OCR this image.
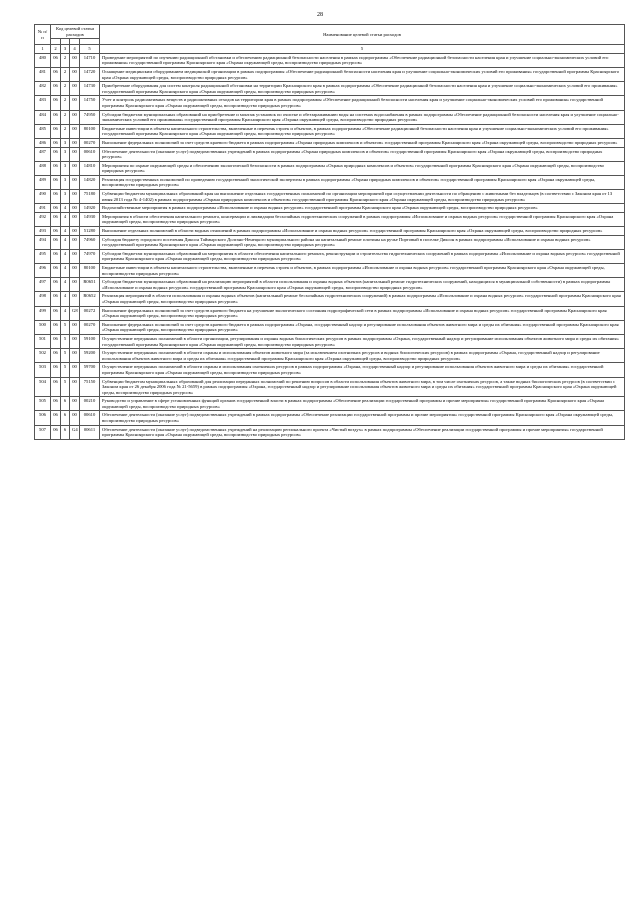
28
№ п/п	Код целевой статьи расходов				Наименование целевой статьи расходов

1	2	3	4	5	5
480	06	2	00	14710	Проведение мероприятий по изучению радиационной обстановки и обеспечению радиационной безопасности населения в рамках подпрограммы «Обеспечение радиационной безопасности населения края и улучшение социально-экономических условий его проживания» государственной программы Красноярского края «Охрана окружающей среды, воспроизводство природных ресурсов»
481	06	2	00	14720	Оснащение медицинским оборудованием медицинской организации в рамках подпрограммы «Обеспечение радиационной безопасности населения края и улучшение социально-экономических условий его проживания» государственной программы Красноярского края «Охрана окружающей среды, воспроизводство природных ресурсов»
482	06	2	00	14730	Приобретение оборудования для систем контроля радиационной обстановки на территории Красноярского края в рамках подпрограммы «Обеспечение радиационной безопасности населения края и улучшение социально-экономических условий его проживания» государственной программы Красноярского края «Охрана окружающей среды, воспроизводство природных ресурсов»
483	06	2	00	14750	Учет и контроль радиоактивных веществ и радиоактивных отходов на территории края в рамках подпрограммы «Обеспечение радиационной безопасности населения края и улучшение социально-экономических условий его проживания» государственной программы Красноярского края «Охрана окружающей среды, воспроизводство природных ресурсов»
484	06	2	00	74950	Субсидии бюджетам муниципальных образований на приобретение и монтаж установок по очистке и обеззараживанию воды на системах водоснабжения в рамках подпрограммы «Обеспечение радиационной безопасности населения края и улучшение социально-экономических условий его проживания» государственной программы Красноярского края «Охрана окружающей среды, воспроизводство природных ресурсов»
485	06	2	00	80100	Бюджетные инвестиции в объекты капитального строительства, включенные в перечень строек и объектов, в рамках подпрограммы «Обеспечение радиационной безопасности населения края и улучшение социально-экономических условий его проживания» государственной программы Красноярского края «Охрана окружающей среды, воспроизводство природных ресурсов»
486	06	3	00	00270	Выполнение федеральных полномочий за счет средств краевого бюджета в рамках подпрограммы «Охрана природных комплексов и объектов» государственной программы Красноярского края «Охрана окружающей среды, воспроизводство природных ресурсов»
487	06	3	00	00610	Обеспечение деятельности (оказание услуг) подведомственных учреждений в рамках подпрограммы «Охрана природных комплексов и объектов» государственной программы Красноярского края «Охрана окружающей среды, воспроизводство природных ресурсов»
488	06	3	00	14810	Мероприятия по охране окружающей среды и обеспечению экологической безопасности в рамках подпрограммы «Охрана природных комплексов и объектов» государственной программы Красноярского края «Охрана окружающей среды, воспроизводство природных ресурсов»
489	06	3	00	14820	Реализация государственных полномочий по проведению государственной экологической экспертизы в рамках подпрограммы «Охрана природных комплексов и объектов» государственной программы Красноярского края «Охрана окружающей среды, воспроизводство природных ресурсов»
490	06	3	00	75180	Субвенции бюджетам муниципальных образований края на выполнение отдельных государственных полномочий по организации мероприятий при осуществлении деятельности по обращению с животными без владельцев (в соответствии с Законом края от 13 июня 2013 года № 4-1402) в рамках подпрограммы «Охрана природных комплексов и объектов» государственной программы Красноярского края «Охрана окружающей среды, воспроизводство природных ресурсов»
491	06	4	00	14920	Водохозяйственные мероприятия в рамках подпрограммы «Использование и охрана водных ресурсов» государственной программы Красноярского края «Охрана окружающей среды, воспроизводство природных ресурсов»
492	06	4	00	14930	Мероприятия в области обеспечения капитального ремонта, консервации и ликвидации бесхозяйных гидротехнических сооружений в рамках подпрограммы «Использование и охрана водных ресурсов» государственной программы Красноярского края «Охрана окружающей среды, воспроизводство природных ресурсов»
493	06	4	00	51280	Выполнение отдельных полномочий в области водных отношений в рамках подпрограммы «Использование и охрана водных ресурсов» государственной программы Красноярского края «Охрана окружающей среды, воспроизводство природных ресурсов»
494	06	4	00	74960	Субсидия бюджету городского поселения Диксон Таймырского Долгано-Ненецкого муниципального района на капитальный ремонт плотины на ручье Портовый в поселке Диксон в рамках подпрограммы «Использование и охрана водных ресурсов» государственной программы Красноярского края «Охрана окружающей среды, воспроизводство природных ресурсов»
495	06	4	00	74970	Субсидии бюджетам муниципальных образований на мероприятия в области обеспечения капитального ремонта, реконструкции и строительства гидротехнических сооружений в рамках подпрограммы «Использование и охрана водных ресурсов» государственной программы Красноярского края «Охрана окружающей среды, воспроизводство природных ресурсов»
496	06	4	00	80100	Бюджетные инвестиции в объекты капитального строительства, включенные в перечень строек и объектов, в рамках подпрограммы «Использование и охрана водных ресурсов» государственной программы Красноярского края «Охрана окружающей среды, воспроизводство природных ресурсов»
497	06	4	00	R0651	Субсидии бюджетам муниципальных образований на реализацию мероприятий в области использования и охраны водных объектов (капитальный ремонт гидротехнических сооружений, находящихся в муниципальной собственности) в рамках подпрограммы «Использование и охрана водных ресурсов» государственной программы Красноярского края «Охрана окружающей среды, воспроизводство природных ресурсов»
498	06	4	00	R0652	Реализация мероприятий в области использования и охраны водных объектов (капитальный ремонт бесхозяйных гидротехнических сооружений) в рамках подпрограммы «Использование и охрана водных ресурсов» государственной программы Красноярского края «Охрана окружающей среды, воспроизводство природных ресурсов»
499	06	4	G8	00272	Выполнение федеральных полномочий за счет средств краевого бюджета на улучшение экологического состояния гидрографической сети в рамках подпрограммы «Использование и охрана водных ресурсов» государственной программы Красноярского края «Охрана окружающей среды, воспроизводство природных ресурсов»
500	06	5	00	00270	Выполнение федеральных полномочий за счет средств краевого бюджета в рамках подпрограммы «Охрана, государственный надзор и регулирование использования объектов животного мира и среды их обитания» государственной программы Красноярского края «Охрана окружающей среды, воспроизводство природных ресурсов»
501	06	5	00	59100	Осуществление переданных полномочий в области организации, регулирования и охраны водных биологических ресурсов в рамках подпрограммы «Охрана, государственный надзор и регулирование использования объектов животного мира и среды их обитания» государственной программы Красноярского края «Охрана окружающей среды, воспроизводство природных ресурсов»
502	06	5	00	59200	Осуществление переданных полномочий в области охраны и использования объектов животного мира (за исключением охотничьих ресурсов и водных биологических ресурсов) в рамках подпрограммы «Охрана, государственный надзор и регулирование использования объектов животного мира и среды их обитания» государственной программы Красноярского края «Охрана окружающей среды, воспроизводство природных ресурсов»
503	06	5	00	59700	Осуществление переданных полномочий в области охраны и использования охотничьих ресурсов в рамках подпрограммы «Охрана, государственный надзор и регулирование использования объектов животного мира и среды их обитания» государственной программы Красноярского края «Охрана окружающей среды, воспроизводство природных ресурсов»
504	06	5	00	75150	Субвенции бюджетам муниципальных образований для реализации переданных полномочий по решению вопросов в области использования объектов животного мира, в том числе охотничьих ресурсов, а также водных биологических ресурсов (в соответствии с Законом края от 26 декабря 2006 года № 21-5659) в рамках подпрограммы «Охрана, государственный надзор и регулирование использования объектов животного мира и среды их обитания» государственной программы Красноярского края «Охрана окружающей среды, воспроизводство природных ресурсов»
505	06	6	00	00210	Руководство и управление в сфере установленных функций органов государственной власти в рамках подпрограммы «Обеспечение реализации государственной программы и прочие мероприятия» государственной программы Красноярского края «Охрана окружающей среды, воспроизводство природных ресурсов»
506	06	6	00	00610	Обеспечение деятельности (оказание услуг) подведомственных учреждений в рамках подпрограммы «Обеспечение реализации государственной программы и прочие мероприятия» государственной программы Красноярского края «Охрана окружающей среды, воспроизводство природных ресурсов»
507	06	6	G4	00611	Обеспечение деятельности (оказание услуг) подведомственных учреждений на реализацию регионального проекта «Чистый воздух» в рамках подпрограммы «Обеспечение реализации государственной программы и прочие мероприятия» государственной программы Красноярского края «Охрана окружающей среды, воспроизводство природных ресурсов»
